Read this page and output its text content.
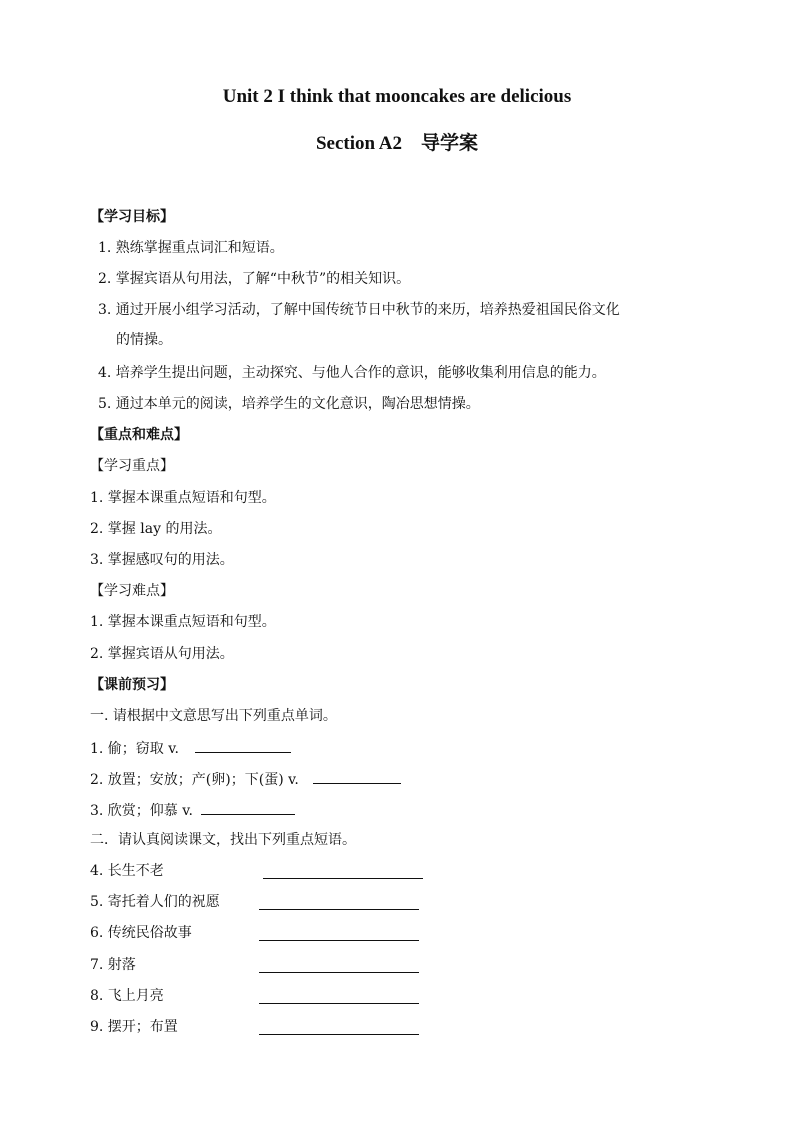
Unit 2 I think that mooncakes are delicious
Section A2    导学案
【学习目标】
1. 熟练掌握重点词汇和短语。
2. 掌握宾语从句用法，了解“中秋节”的相关知识。
3. 通过开展小组学习活动，了解中国传统节日中秋节的来历，培养热爱祖国民俗文化
的情操。
4. 培养学生提出问题，主动探究、与他人合作的意识，能够收集利用信息的能力。
5. 通过本单元的阅读，培养学生的文化意识，陶冶思想情操。
【重点和难点】
【学习重点】
1. 掌握本课重点短语和句型。
2. 掌握 lay 的用法。
3. 掌握感叹句的用法。
【学习难点】
1. 掌握本课重点短语和句型。
2. 掌握宾语从句用法。
【课前预习】
一. 请根据中文意思写出下列重点单词。
1. 偷；窃取 v.
2. 放置；安放；产(卵)；下(蛋) v.
3. 欣赏；仰慕 v.
二．请认真阅读课文，找出下列重点短语。
4. 长生不老
5. 寄托着人们的祝愿
6. 传统民俗故事
7. 射落
8. 飞上月亮
9. 摆开；布置
